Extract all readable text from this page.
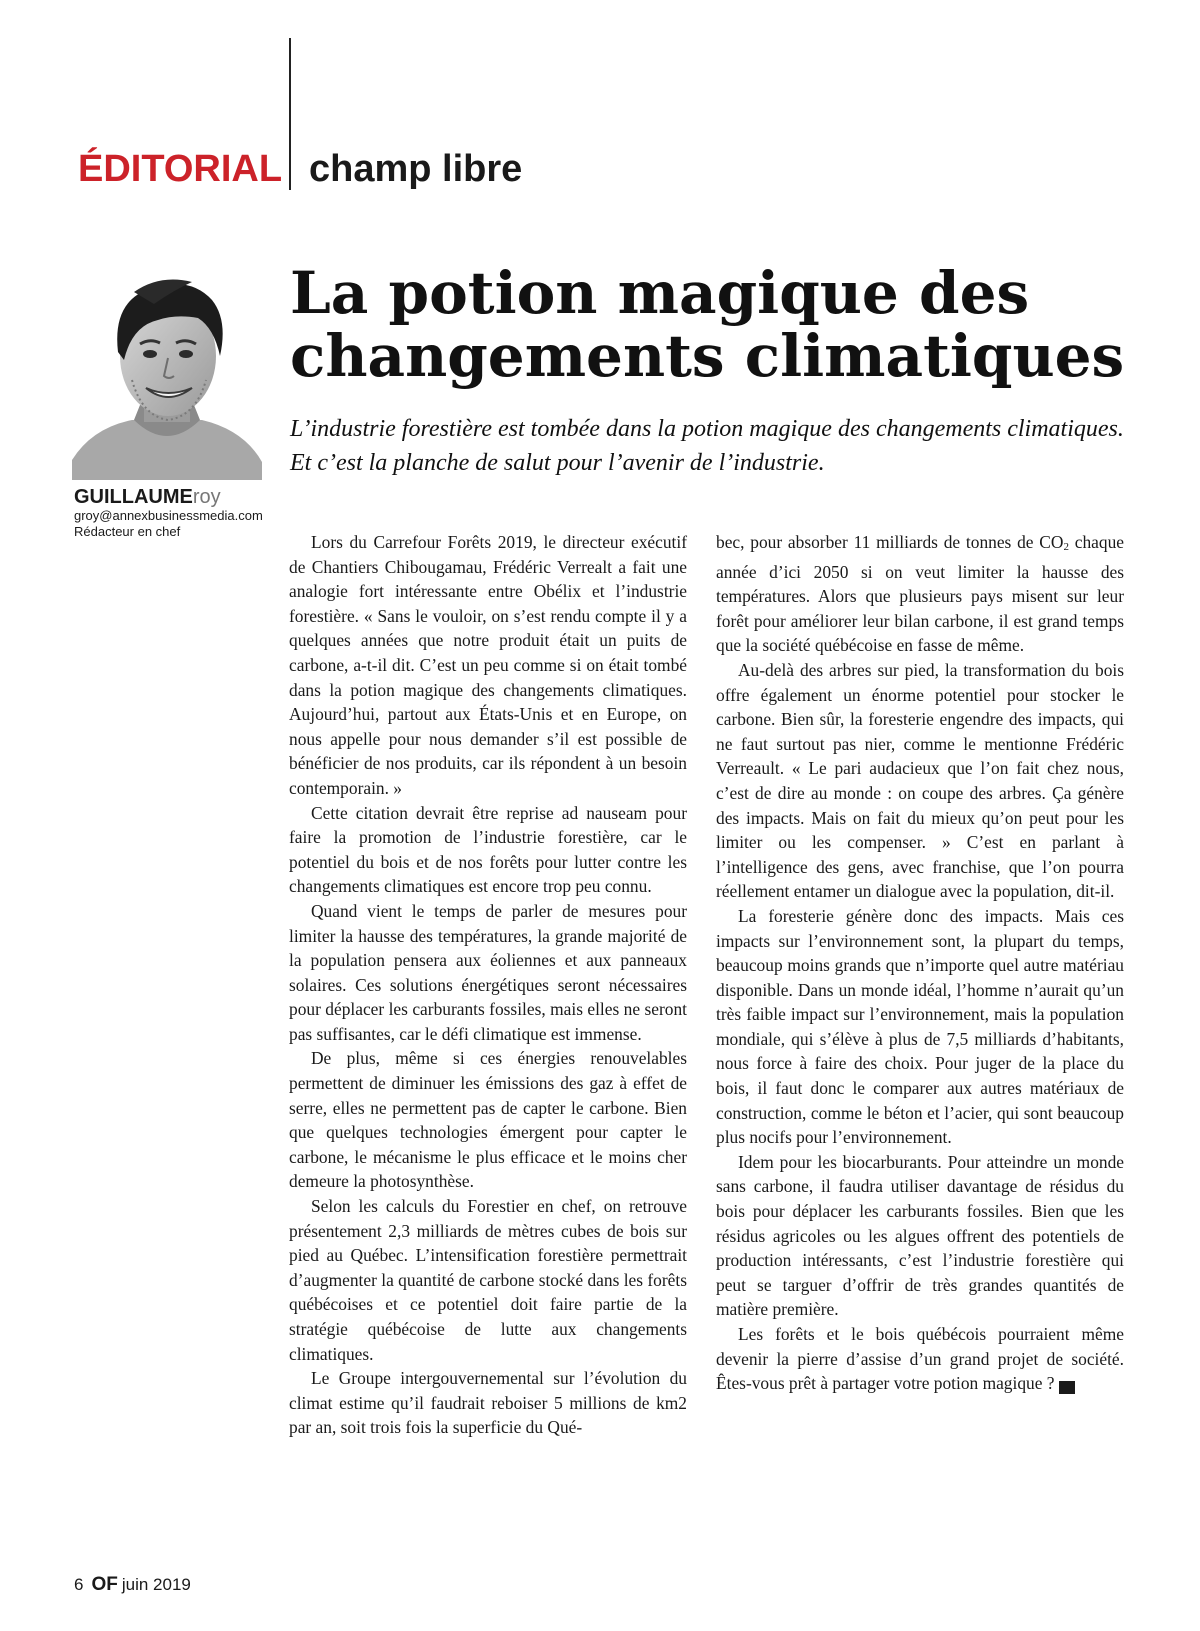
ÉDITORIAL champ libre
GUILLAUMEroy
groy@annexbusinessmedia.com
Rédacteur en chef
La potion magique des
changements climatiques

L’industrie forestière est tombée dans la potion magique des changements climatiques. Et c’est la planche de salut pour l’avenir de l’industrie.

Lors du Carrefour Forêts 2019, le directeur exécutif de Chantiers Chibougamau, Frédéric Verrealt a fait une analogie fort intéressante entre Obélix et l’industrie forestière. « Sans le vouloir, on s’est rendu compte il y a quelques années que notre produit était un puits de carbone, a-t-il dit. C’est un peu comme si on était tombé dans la potion magique des changements climatiques. Aujourd’hui, partout aux États-Unis et en Europe, on nous appelle pour nous demander s’il est possible de bénéficier de nos produits, car ils répondent à un besoin contemporain. »

Cette citation devrait être reprise ad nauseam pour faire la promotion de l’industrie forestière, car le potentiel du bois et de nos forêts pour lutter contre les changements climatiques est encore trop peu connu.

Quand vient le temps de parler de mesures pour limiter la hausse des températures, la grande majorité de la population pensera aux éoliennes et aux panneaux solaires. Ces solutions énergétiques seront nécessaires pour déplacer les carburants fossiles, mais elles ne seront pas suffisantes, car le défi climatique est immense.

De plus, même si ces énergies renouvelables permettent de diminuer les émissions des gaz à effet de serre, elles ne permettent pas de capter le carbone. Bien que quelques technologies émergent pour capter le carbone, le mécanisme le plus efficace et le moins cher demeure la photosynthèse.

Selon les calculs du Forestier en chef, on retrouve présentement 2,3 milliards de mètres cubes de bois sur pied au Québec. L’intensification forestière permettrait d’augmenter la quantité de carbone stocké dans les forêts québécoises et ce potentiel doit faire partie de la stratégie québécoise de lutte aux changements climatiques.

Le Groupe intergouvernemental sur l’évolution du climat estime qu’il faudrait reboiser 5 millions de km2 par an, soit trois fois la superficie du Qué-

bec, pour absorber 11 milliards de tonnes de $CO_2$ chaque année d’ici 2050 si on veut limiter la hausse des températures. Alors que plusieurs pays misent sur leur forêt pour améliorer leur bilan carbone, il est grand temps que la société québécoise en fasse de même.

Au-delà des arbres sur pied, la transformation du bois offre également un énorme potentiel pour stocker le carbone. Bien sûr, la foresterie engendre des impacts, qui ne faut surtout pas nier, comme le mentionne Frédéric Verreault. « Le pari audacieux que l’on fait chez nous, c’est de dire au monde : on coupe des arbres. Ça génère des impacts. Mais on fait du mieux qu’on peut pour les limiter ou les compenser. » C’est en parlant à l’intelligence des gens, avec franchise, que l’on pourra réellement entamer un dialogue avec la population, dit-il.

La foresterie génère donc des impacts. Mais ces impacts sur l’environnement sont, la plupart du temps, beaucoup moins grands que n’importe quel autre matériau disponible. Dans un monde idéal, l’homme n’aurait qu’un très faible impact sur l’environnement, mais la population mondiale, qui s’élève à plus de 7,5 milliards d’habitants, nous force à faire des choix. Pour juger de la place du bois, il faut donc le comparer aux autres matériaux de construction, comme le béton et l’acier, qui sont beaucoup plus nocifs pour l’environnement.

Idem pour les biocarburants. Pour atteindre un monde sans carbone, il faudra utiliser davantage de résidus du bois pour déplacer les carburants fossiles. Bien que les résidus agricoles ou les algues offrent des potentiels de production intéressants, c’est l’industrie forestière qui peut se targuer d’offrir de très grandes quantités de matière première.

Les forêts et le bois québécois pourraient même devenir la pierre d’assise d’un grand projet de société. Êtes-vous prêt à partager votre potion magique ?	OF

6 OF juin 2019
